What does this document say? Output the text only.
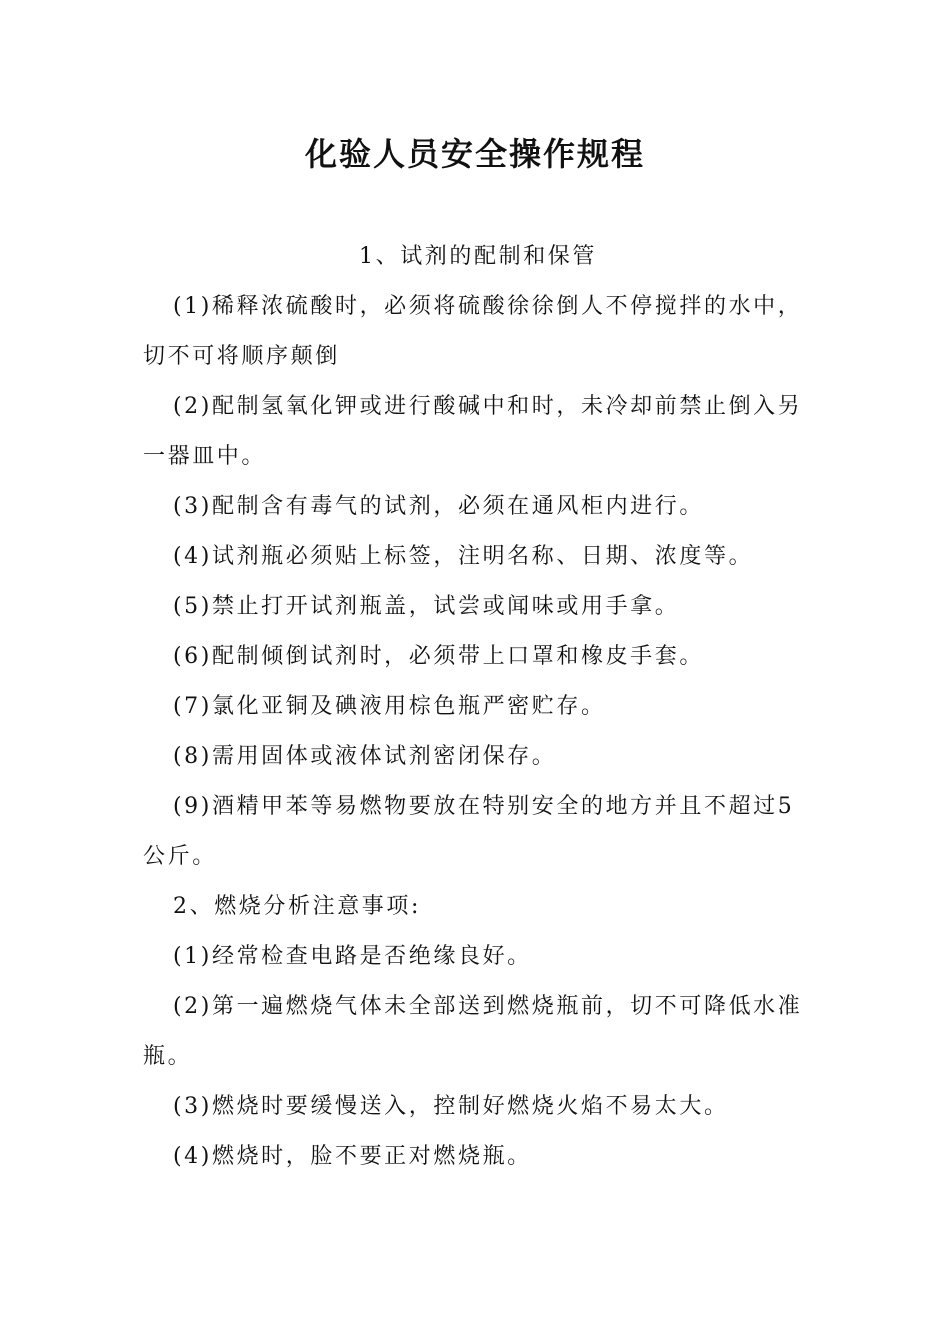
化验人员安全操作规程

1、试剂的配制和保管

(1)稀释浓硫酸时，必须将硫酸徐徐倒人不停搅拌的水中，切不可将顺序颠倒

(2)配制氢氧化钾或进行酸碱中和时，未冷却前禁止倒入另一器皿中。

(3)配制含有毒气的试剂，必须在通风柜内进行。

(4)试剂瓶必须贴上标签，注明名称、日期、浓度等。

(5)禁止打开试剂瓶盖，试尝或闻味或用手拿。

(6)配制倾倒试剂时，必须带上口罩和橡皮手套。

(7)氯化亚铜及碘液用棕色瓶严密贮存。

(8)需用固体或液体试剂密闭保存。

(9)酒精甲苯等易燃物要放在特别安全的地方并且不超过5公斤。

2、燃烧分析注意事项:

(1)经常检查电路是否绝缘良好。

(2)第一遍燃烧气体未全部送到燃烧瓶前，切不可降低水准瓶。

(3)燃烧时要缓慢送入，控制好燃烧火焰不易太大。

(4)燃烧时，脸不要正对燃烧瓶。
